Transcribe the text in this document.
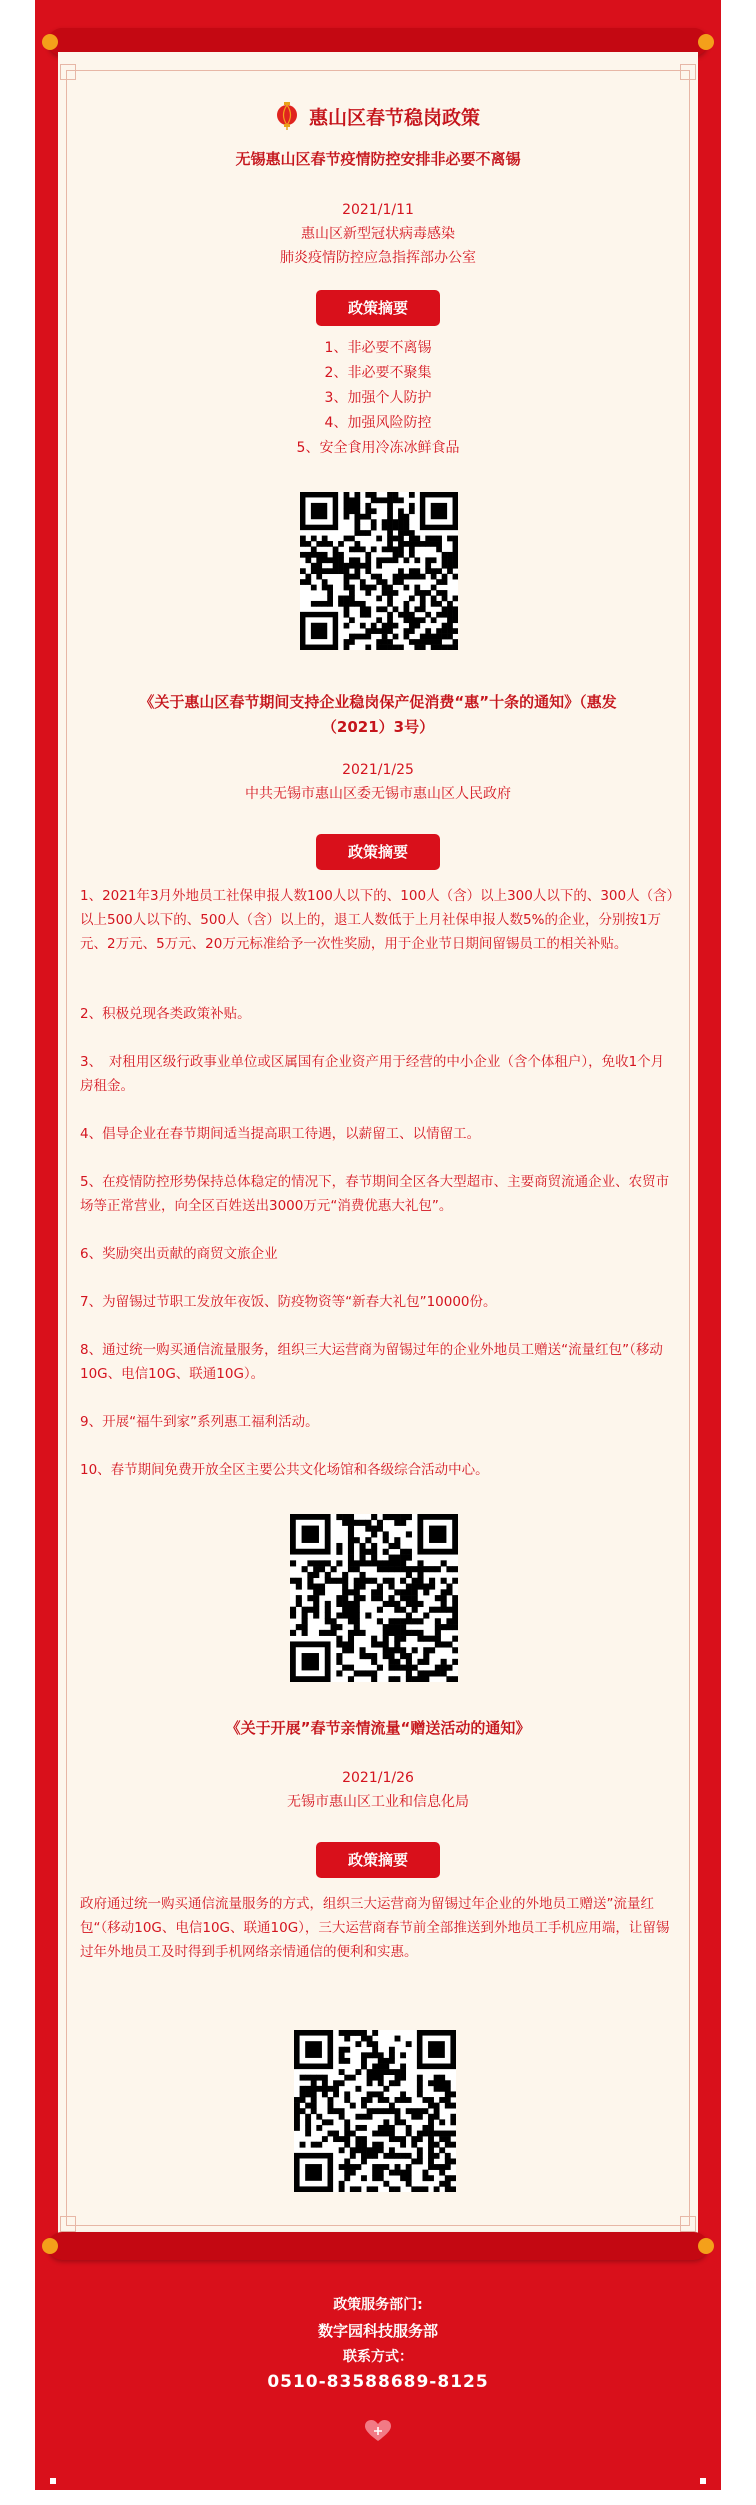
惠山区春节稳岗政策
无锡惠山区春节疫情防控安排非必要不离锡
2021/1/11
惠山区新型冠状病毒感染
肺炎疫情防控应急指挥部办公室
政策摘要
1、非必要不离锡
2、非必要不聚集
3、加强个人防护
4、加强风险防控
5、安全食用冷冻冰鲜食品
《关于惠山区春节期间支持企业稳岗保产促消费“惠”十条的通知》（惠发（2021）3号）
2021/1/25
中共无锡市惠山区委无锡市惠山区人民政府
政策摘要
1、2021年3月外地员工社保申报人数100人以下的、100人（含）以上300人以下的、300人（含）以上500人以下的、500人（含）以上的，退工人数低于上月社保申报人数5%的企业，分别按1万元、2万元、5万元、20万元标准给予一次性奖励，用于企业节日期间留锡员工的相关补贴。
2、积极兑现各类政策补贴。
3、　对租用区级行政事业单位或区属国有企业资产用于经营的中小企业（含个体租户），免收1个月房租金。
4、倡导企业在春节期间适当提高职工待遇，以薪留工、以情留工。
5、在疫情防控形势保持总体稳定的情况下，春节期间全区各大型超市、主要商贸流通企业、农贸市场等正常营业，向全区百姓送出3000万元“消费优惠大礼包”。
6、奖励突出贡献的商贸文旅企业
7、为留锡过节职工发放年夜饭、防疫物资等“新春大礼包”10000份。
8、通过统一购买通信流量服务，组织三大运营商为留锡过年的企业外地员工赠送“流量红包”（移动10G、电信10G、联通10G）。
9、开展“福牛到家”系列惠工福利活动。
10、春节期间免费开放全区主要公共文化场馆和各级综合活动中心。
《关于开展”春节亲情流量“赠送活动的通知》
2021/1/26
无锡市惠山区工业和信息化局
政策摘要
政府通过统一购买通信流量服务的方式，组织三大运营商为留锡过年企业的外地员工赠送”流量红包“（移动10G、电信10G、联通10G），三大运营商春节前全部推送到外地员工手机应用端，让留锡过年外地员工及时得到手机网络亲情通信的便利和实惠。
政策服务部门:
数字园科技服务部
联系方式：
0510-83588689-8125
